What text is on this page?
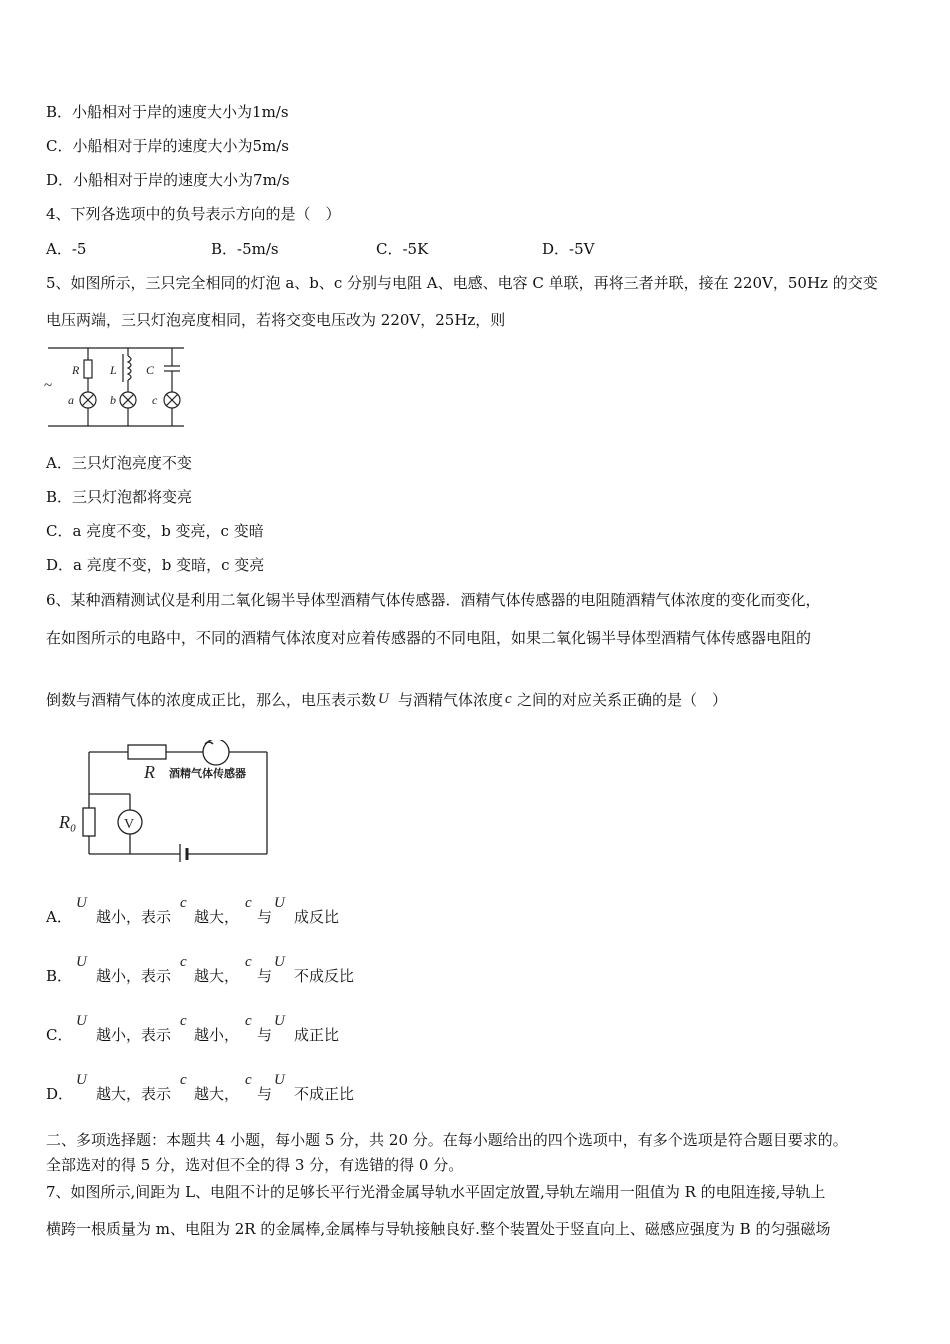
B．小船相对于岸的速度大小为1m/s
C．小船相对于岸的速度大小为5m/s
D．小船相对于岸的速度大小为7m/s
4、下列各选项中的负号表示方向的是（　）
A．-5	B．-5m/s	C．-5K	D．-5V
5、如图所示，三只完全相同的灯泡 a、b、c 分别与电阻 A、电感、电容 C 单联，再将三者并联，接在 220V，50Hz 的交变
电压两端，三只灯泡亮度相同，若将交变电压改为 220V，25Hz，则
~
R	L C
a	b	c
A．三只灯泡亮度不变
B．三只灯泡都将变亮
C．a 亮度不变，b 变亮，c 变暗
D．a 亮度不变，b 变暗，c 变亮
6、某种酒精测试仪是利用二氧化锡半导体型酒精气体传感器．酒精气体传感器的电阻随酒精气体浓度的变化而变化，
在如图所示的电路中，不同的酒精气体浓度对应着传感器的不同电阻，如果二氧化锡半导体型酒精气体传感器电阻的
倒数与酒精气体的浓度成正比，那么，电压表示数 U 与酒精气体浓度 c 之间的对应关系正确的是（　）
R 酒精气体传感器
R₀	V
A．
U
越小，表示
c
越大，
c
与
U
成反比
B．
U
越小，表示
c
越大，
c
与
U
不成反比
C．
U
越小，表示
c
越小，
c
与
U
成正比
D．
U
越大，表示
c
越大，
c
与
U
不成正比
二、多项选择题：本题共 4 小题，每小题 5 分，共 20 分。在每小题给出的四个选项中，有多个选项是符合题目要求的。
全部选对的得 5 分，选对但不全的得 3 分，有选错的得 0 分。
7、如图所示,间距为 L、电阻不计的足够长平行光滑金属导轨水平固定放置,导轨左端用一阻值为 R 的电阻连接,导轨上
横跨一根质量为 m、电阻为 2R 的金属棒,金属棒与导轨接触良好.整个装置处于竖直向上、磁感应强度为 B 的匀强磁场
